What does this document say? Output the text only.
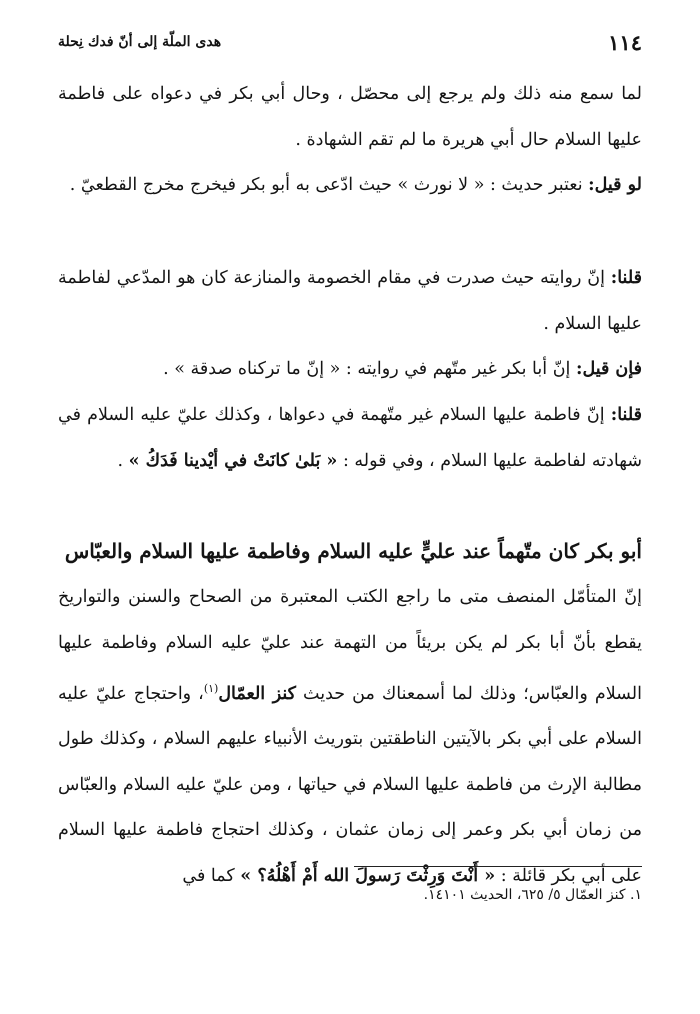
١١٤
هدى الملّة إلى أنّ فدك نِحلة
لما سمع منه ذلك ولم يرجع إلى محصّل ، وحال أبي بكر في دعواه على فاطمة عليها السلام حال أبي هريرة ما لم تقم الشهادة .
لو قيل: نعتبر حديث : « لا نورث » حيث ادّعى به أبو بكر فيخرج مخرج القطعيّ .
قلنا: إنّ روايته حيث صدرت في مقام الخصومة والمنازعة كان هو المدّعي لفاطمة عليها السلام .
فإن قيل: إنّ أبا بكر غير متّهم في روايته : « إنّ ما تركناه صدقة » .
قلنا: إنّ فاطمة عليها السلام غير متّهمة في دعواها ، وكذلك عليّ عليه السلام في شهادته لفاطمة عليها السلام ، وفي قوله : « بَلىٰ كانَتْ في أيْدينا فَدَكُ » .
أبو بكر كان متّهماً عند عليٍّ عليه السلام وفاطمة عليها السلام والعبّاس
إنّ المتأمّل المنصف متى ما راجع الكتب المعتبرة من الصحاح والسنن والتواريخ يقطع بأنّ أبا بكر لم يكن بريئاً من التهمة عند عليّ عليه السلام وفاطمة عليها السلام والعبّاس؛ وذلك لما أسمعناك من حديث كنز العمّال$^{(١)}$، واحتجاج عليّ عليه السلام على أبي بكر بالآيتين الناطقتين بتوريث الأنبياء عليهم السلام ، وكذلك طول مطالبة الإرث من فاطمة عليها السلام في حياتها ، ومن عليّ عليه السلام والعبّاس من زمان أبي بكر وعمر إلى زمان عثمان ، وكذلك احتجاج فاطمة عليها السلام على أبي بكر قائلة : « أَنْتَ وَرِثْتَ رَسولَ الله أَمْ أَهْلُهُ؟ » كما في
١. كنز العمّال ٥/ ٦٢٥، الحديث ١٤١٠١.
